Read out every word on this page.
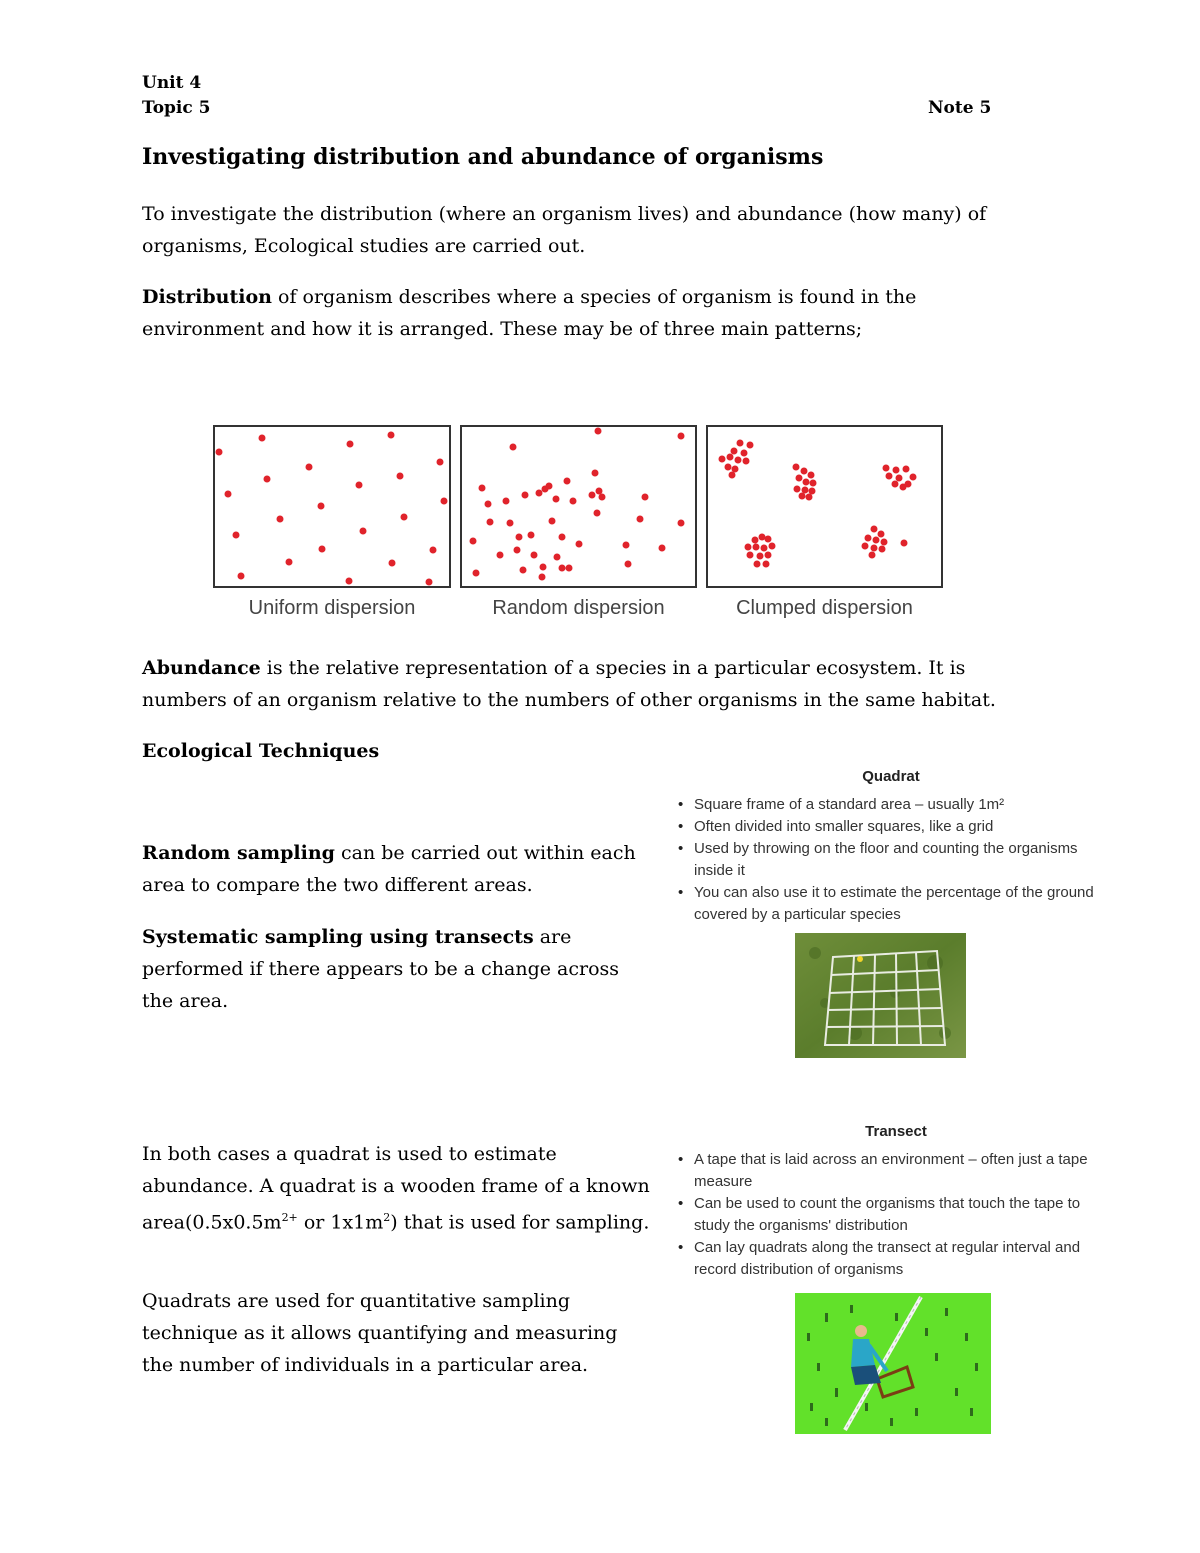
Unit 4
Topic 5	Note 5
Investigating distribution and abundance of organisms
To investigate the distribution (where an organism lives) and abundance (how many) of organisms, Ecological studies are carried out.
Distribution of organism describes where a species of organism is found in the environment and how it is arranged. These may be of three main patterns;
Uniform dispersion	Random dispersion	Clumped dispersion
Abundance is the relative representation of a species in a particular ecosystem. It is numbers of an organism relative to the numbers of other organisms in the same habitat.
Ecological Techniques
Random sampling can be carried out within each area to compare the two different areas.
Systematic sampling using transects are performed if there appears to be a change across the area.
In both cases a quadrat is used to estimate abundance. A quadrat is a wooden frame of a known $area(0.5x0.5m^{2+}$ or $1x1m^2$) that is used for sampling.
Quadrats are used for quantitative sampling technique as it allows quantifying and measuring the number of individuals in a particular area.
Quadrat
• Square frame of a standard area – usually 1m²
• Often divided into smaller squares, like a grid
• Used by throwing on the floor and counting the organisms inside it
• You can also use it to estimate the percentage of the ground covered by a particular species
Transect
• A tape that is laid across an environment – often just a tape measure
• Can be used to count the organisms that touch the tape to study the organisms' distribution
• Can lay quadrats along the transect at regular interval and record distribution of organisms
